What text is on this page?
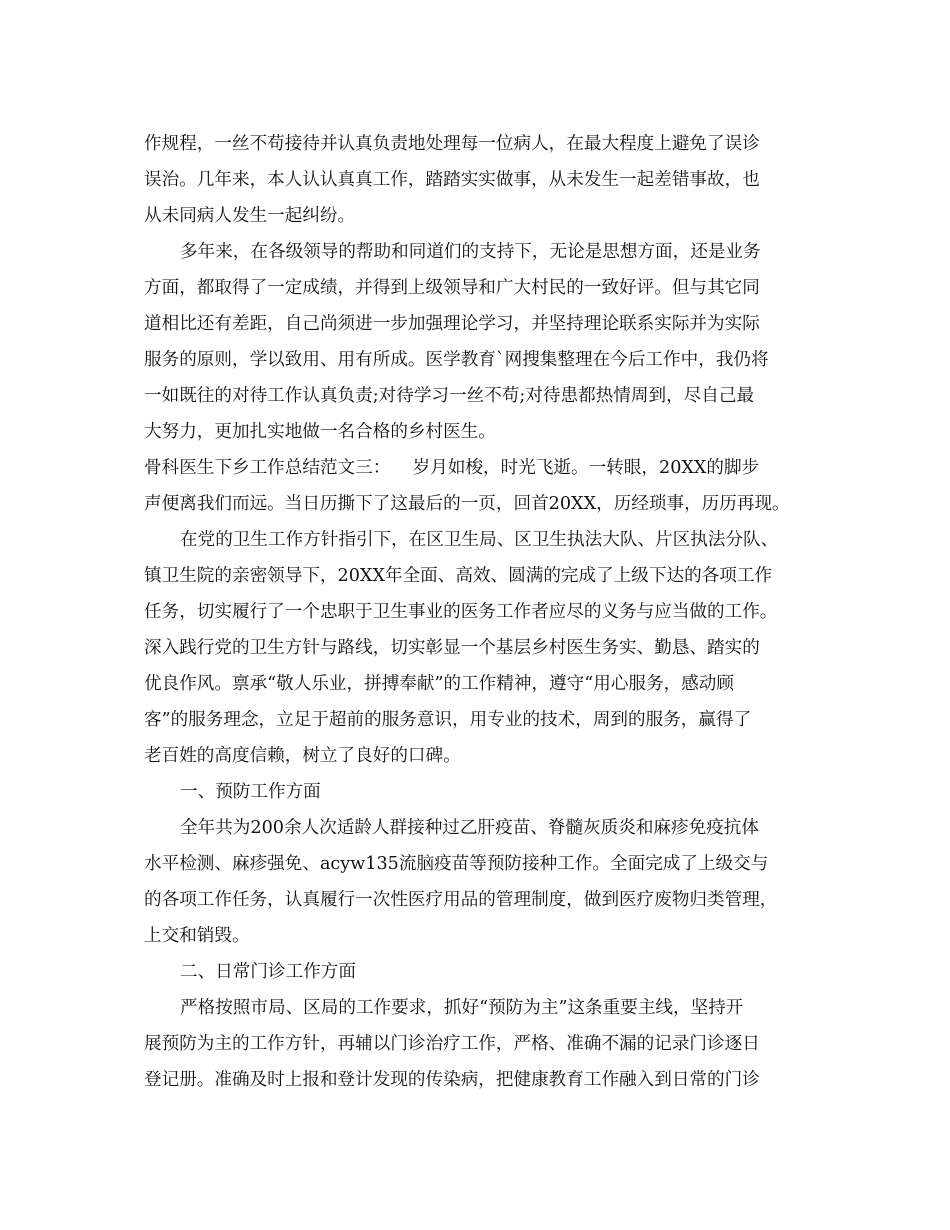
作规程，一丝不苟接待并认真负责地处理每一位病人，在最大程度上避免了误诊
误治。几年来，本人认认真真工作，踏踏实实做事，从未发生一起差错事故，也
从未同病人发生一起纠纷。
多年来，在各级领导的帮助和同道们的支持下，无论是思想方面，还是业务
方面，都取得了一定成绩，并得到上级领导和广大村民的一致好评。但与其它同
道相比还有差距，自己尚须进一步加强理论学习，并坚持理论联系实际并为实际
服务的原则，学以致用、用有所成。医学教育`网搜集整理在今后工作中，我仍将
一如既往的对待工作认真负责;对待学习一丝不苟;对待患都热情周到，尽自己最
大努力，更加扎实地做一名合格的乡村医生。
骨科医生下乡工作总结范文三：    岁月如梭，时光飞逝。一转眼，20XX的脚步
声便离我们而远。当日历撕下了这最后的一页，回首20XX，历经琐事，历历再现。
在党的卫生工作方针指引下，在区卫生局、区卫生执法大队、片区执法分队、
镇卫生院的亲密领导下，20XX年全面、高效、圆满的完成了上级下达的各项工作
任务，切实履行了一个忠职于卫生事业的医务工作者应尽的义务与应当做的工作。
深入践行党的卫生方针与路线，切实彰显一个基层乡村医生务实、勤恳、踏实的
优良作风。禀承“敬人乐业，拼搏奉献”的工作精神，遵守“用心服务，感动顾
客”的服务理念，立足于超前的服务意识，用专业的技术，周到的服务，赢得了
老百姓的高度信赖，树立了良好的口碑。
一、预防工作方面
全年共为200余人次适龄人群接种过乙肝疫苗、脊髓灰质炎和麻疹免疫抗体
水平检测、麻疹强免、acyw135流脑疫苗等预防接种工作。全面完成了上级交与
的各项工作任务，认真履行一次性医疗用品的管理制度，做到医疗废物归类管理，
上交和销毁。
二、日常门诊工作方面
严格按照市局、区局的工作要求，抓好“预防为主”这条重要主线，坚持开
展预防为主的工作方针，再辅以门诊治疗工作，严格、准确不漏的记录门诊逐日
登记册。准确及时上报和登计发现的传染病，把健康教育工作融入到日常的门诊
